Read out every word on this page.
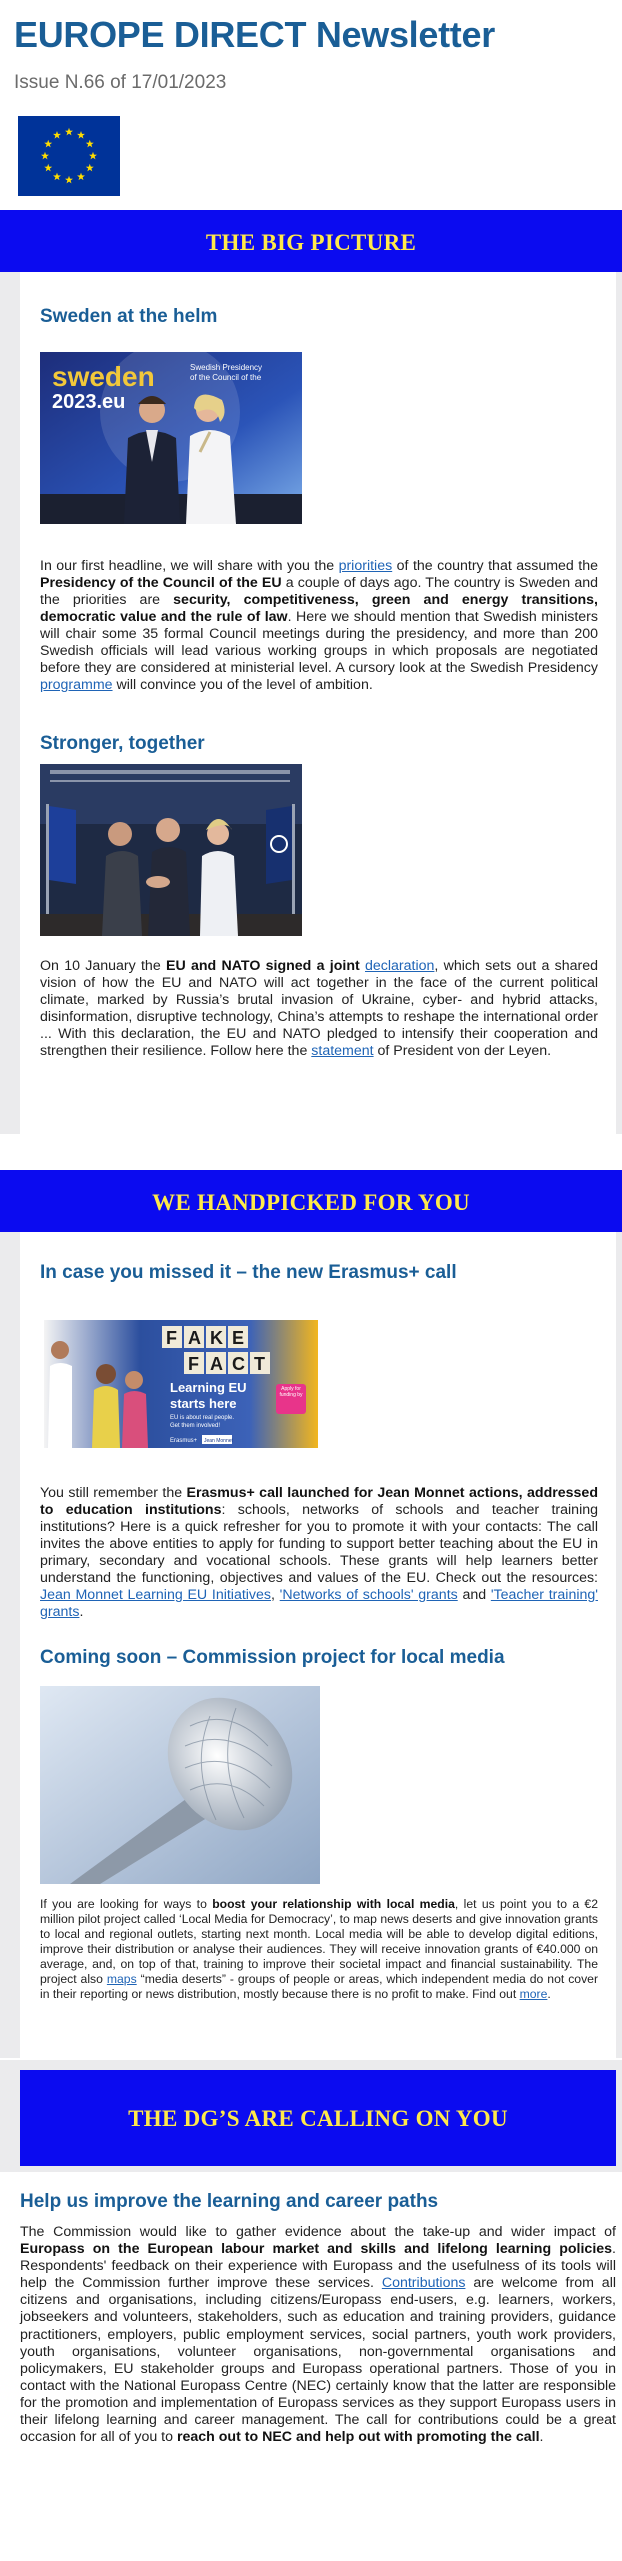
EUROPE DIRECT Newsletter
Issue N.66 of 17/01/2023
THE BIG PICTURE
Sweden at the helm
sweden
2023.eu
Swedish Presidency
of the Council of the
In our first headline, we will share with you the priorities of the country that assumed the Presidency of the Council of the EU a couple of days ago. The country is Sweden and the priorities are security, competitiveness, green and energy transitions, democratic value and the rule of law. Here we should mention that Swedish ministers will chair some 35 formal Council meetings during the presidency, and more than 200 Swedish officials will lead various working groups in which proposals are negotiated before they are considered at ministerial level. A cursory look at the Swedish Presidency programme will convince you of the level of ambition.
Stronger, together
On 10 January the EU and NATO signed a joint declaration, which sets out a shared vision of how the EU and NATO will act together in the face of the current political climate, marked by Russia’s brutal invasion of Ukraine, cyber- and hybrid attacks, disinformation, disruptive technology, China’s attempts to reshape the international order ... With this declaration, the EU and NATO pledged to intensify their cooperation and strengthen their resilience. Follow here the statement of President von der Leyen.
WE HANDPICKED FOR YOU
In case you missed it – the new Erasmus+ call
F A K E
F A C T
Learning EU
starts here
EU is about real people.
Get them involved!
Erasmus+ Jean Monnet
Apply for funding by
You still remember the Erasmus+ call launched for Jean Monnet actions, addressed to education institutions: schools, networks of schools and teacher training institutions? Here is a quick refresher for you to promote it with your contacts: The call invites the above entities to apply for funding to support better teaching about the EU in primary, secondary and vocational schools. These grants will help learners better understand the functioning, objectives and values of the EU. Check out the resources: Jean Monnet Learning EU Initiatives, 'Networks of schools' grants and 'Teacher training' grants.
Coming soon – Commission project for local media
If you are looking for ways to boost your relationship with local media, let us point you to a €2 million pilot project called ‘Local Media for Democracy’, to map news deserts and give innovation grants to local and regional outlets, starting next month. Local media will be able to develop digital editions, improve their distribution or analyse their audiences. They will receive innovation grants of €40.000 on average, and, on top of that, training to improve their societal impact and financial sustainability. The project also maps “media deserts” - groups of people or areas, which independent media do not cover in their reporting or news distribution, mostly because there is no profit to make. Find out more.
THE DG’S ARE CALLING ON YOU
Help us improve the learning and career paths
The Commission would like to gather evidence about the take-up and wider impact of Europass on the European labour market and skills and lifelong learning policies. Respondents' feedback on their experience with Europass and the usefulness of its tools will help the Commission further improve these services. Contributions are welcome from all citizens and organisations, including citizens/Europass end-users, e.g. learners, workers, jobseekers and volunteers, stakeholders, such as education and training providers, guidance practitioners, employers, public employment services, social partners, youth work providers, youth organisations, volunteer organisations, non-governmental organisations and policymakers, EU stakeholder groups and Europass operational partners. Those of you in contact with the National Europass Centre (NEC) certainly know that the latter are responsible for the promotion and implementation of Europass services as they support Europass users in their lifelong learning and career management. The call for contributions could be a great occasion for all of you to reach out to NEC and help out with promoting the call.
